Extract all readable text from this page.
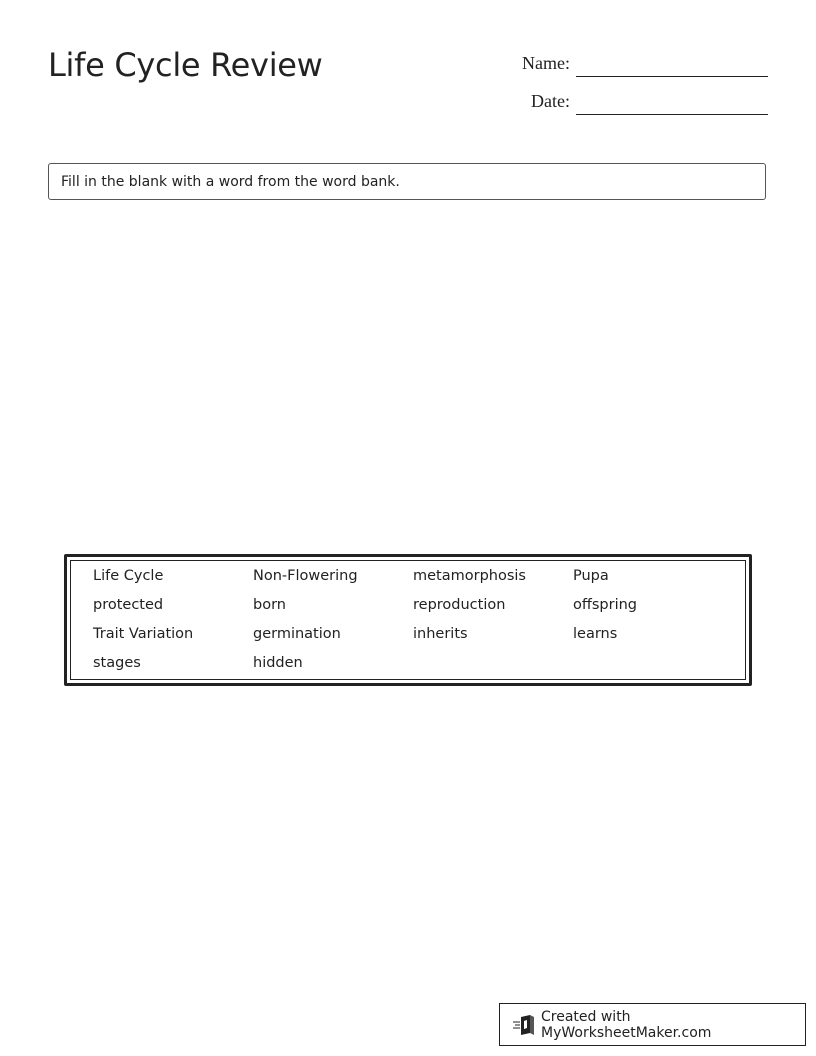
Life Cycle Review	Name:
Date:
Fill in the blank with a word from the word bank.
Life Cycle	Non-Flowering	metamorphosis	Pupa
protected	born	reproduction	offspring
Trait Variation	germination	inherits	learns
stages	hidden
Created with MyWorksheetMaker.com
